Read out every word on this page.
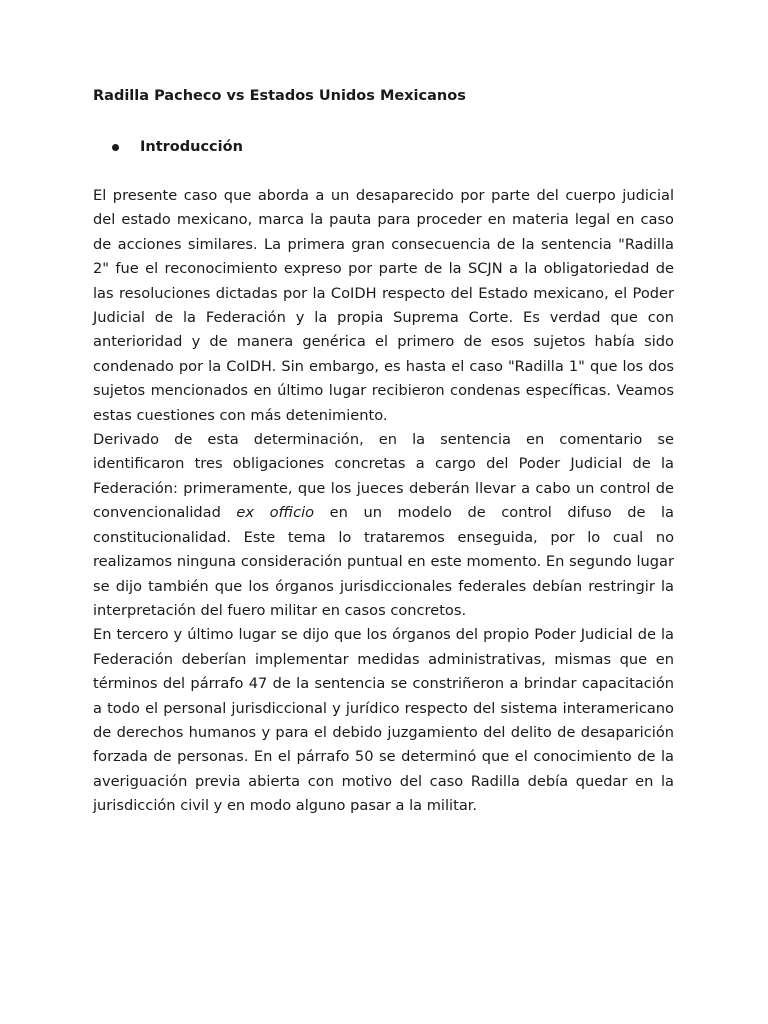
Radilla Pacheco vs Estados Unidos Mexicanos
Introducción

El presente caso que aborda a un desaparecido por parte del cuerpo judicial del estado mexicano, marca la pauta para proceder en materia legal en caso de acciones similares. La primera gran consecuencia de la sentencia "Radilla 2" fue el reconocimiento expreso por parte de la SCJN a la obligatoriedad de las resoluciones dictadas por la CoIDH respecto del Estado mexicano, el Poder Judicial de la Federación y la propia Suprema Corte. Es verdad que con anterioridad y de manera genérica el primero de esos sujetos había sido condenado por la CoIDH. Sin embargo, es hasta el caso "Radilla 1" que los dos sujetos mencionados en último lugar recibieron condenas específicas. Veamos estas cuestiones con más detenimiento.

Derivado de esta determinación, en la sentencia en comentario se identificaron tres obligaciones concretas a cargo del Poder Judicial de la Federación: primeramente, que los jueces deberán llevar a cabo un control de convencionalidad ex officio en un modelo de control difuso de la constitucionalidad. Este tema lo trataremos enseguida, por lo cual no realizamos ninguna consideración puntual en este momento. En segundo lugar se dijo también que los órganos jurisdiccionales federales debían restringir la interpretación del fuero militar en casos concretos.

En tercero y último lugar se dijo que los órganos del propio Poder Judicial de la Federación deberían implementar medidas administrativas, mismas que en términos del párrafo 47 de la sentencia se constriñeron a brindar capacitación a todo el personal jurisdiccional y jurídico respecto del sistema interamericano de derechos humanos y para el debido juzgamiento del delito de desaparición forzada de personas. En el párrafo 50 se determinó que el conocimiento de la averiguación previa abierta con motivo del caso Radilla debía quedar en la jurisdicción civil y en modo alguno pasar a la militar.
